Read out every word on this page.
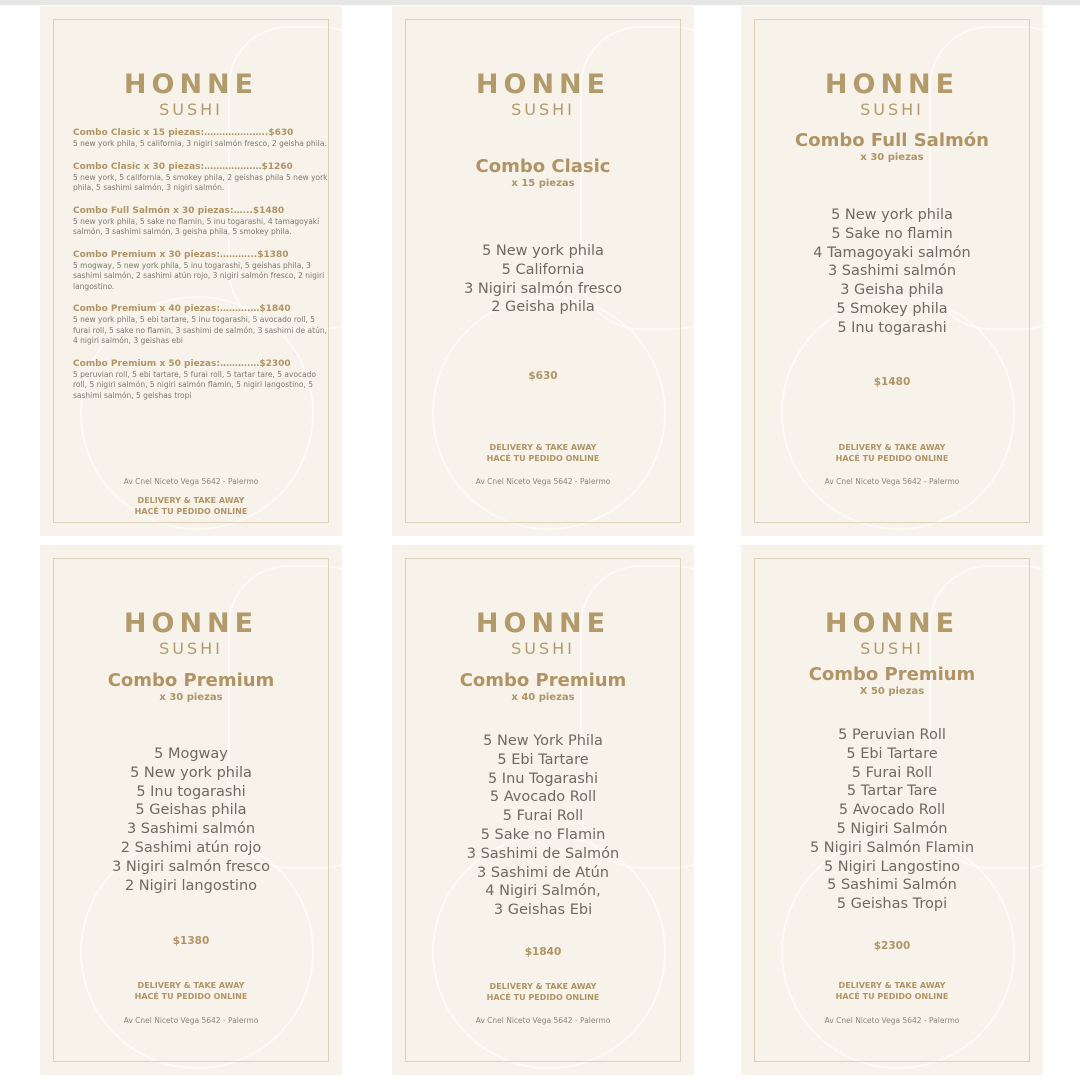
HONNE
SUSHI
Combo Clasic x 15 piezas:…………….…..$630
5 new york phila, 5 california, 3 nigiri salmón fresco, 2 geisha phila.
Combo Clasic x 30 piezas:…………….…$1260
5 new york, 5 california, 5 smokey phila, 2 geishas phila 5 new york phila, 5 sashimi salmón, 3 nigiri salmón.
Combo Full Salmón x 30 piezas:…...$1480
5 new york phila, 5 sake no flamin, 5 inu togarashi, 4 tamagoyaki salmón, 3 sashimi salmón, 3 geisha phila, 5 smokey phila.
Combo Premium x 30 piezas:………...$1380
5 mogway, 5 new york phila, 5 inu togarashi, 5 geishas phila, 3 sashimi salmón, 2 sashimi atún rojo, 3 nigiri salmón fresco, 2 nigiri langostino.
Combo Premium x 40 piezas:……….…$1840
5 new york phila, 5 ebi tartare, 5 inu togarashi, 5 avocado roll, 5 furai roll, 5 sake no flamin, 3 sashimi de salmón, 3 sashimi de atún, 4 nigiri salmón, 3 geishas ebi
Combo Premium x 50 piezas:……….…$2300
5 peruvian roll, 5 ebi tartare, 5 furai roll, 5 tartar tare, 5 avocado roll, 5 nigiri salmón, 5 nigiri salmón flamin, 5 nigiri langostino, 5 sashimi salmón, 5 geishas tropi
Av Cnel Niceto Vega 5642 - Palermo
DELIVERY & TAKE AWAY
HACÉ TU PEDIDO ONLINE
HONNE
SUSHI
Combo Clasic
x 15 piezas
5 New york phila
5 California
3 Nigiri salmón fresco
2 Geisha phila
$630
DELIVERY & TAKE AWAY
HACÉ TU PEDIDO ONLINE
Av Cnel Niceto Vega 5642 - Palermo
HONNE
SUSHI
Combo Full Salmón
x 30 piezas
5 New york phila
5 Sake no flamin
4 Tamagoyaki salmón
3 Sashimi salmón
3 Geisha phila
5 Smokey phila
5 Inu togarashi
$1480
DELIVERY & TAKE AWAY
HACÉ TU PEDIDO ONLINE
Av Cnel Niceto Vega 5642 - Palermo
HONNE
SUSHI
Combo Premium
x 30 piezas
5 Mogway
5 New york phila
5 Inu togarashi
5 Geishas phila
3 Sashimi salmón
2 Sashimi atún rojo
3 Nigiri salmón fresco
2 Nigiri langostino
$1380
DELIVERY & TAKE AWAY
HACÉ TU PEDIDO ONLINE
Av Cnel Niceto Vega 5642 - Palermo
HONNE
SUSHI
Combo Premium
x 40 piezas
5 New York Phila
5 Ebi Tartare
5 Inu Togarashi
5 Avocado Roll
5 Furai Roll
5 Sake no Flamin
3 Sashimi de Salmón
3 Sashimi de Atún
4 Nigiri Salmón,
3 Geishas Ebi
$1840
DELIVERY & TAKE AWAY
HACÉ TU PEDIDO ONLINE
Av Cnel Niceto Vega 5642 - Palermo
HONNE
SUSHI
Combo Premium
X 50 piezas
5 Peruvian Roll
5 Ebi Tartare
5 Furai Roll
5 Tartar Tare
5 Avocado Roll
5 Nigiri Salmón
5 Nigiri Salmón Flamin
5 Nigiri Langostino
5 Sashimi Salmón
5 Geishas Tropi
$2300
DELIVERY & TAKE AWAY
HACÉ TU PEDIDO ONLINE
Av Cnel Niceto Vega 5642 - Palermo
